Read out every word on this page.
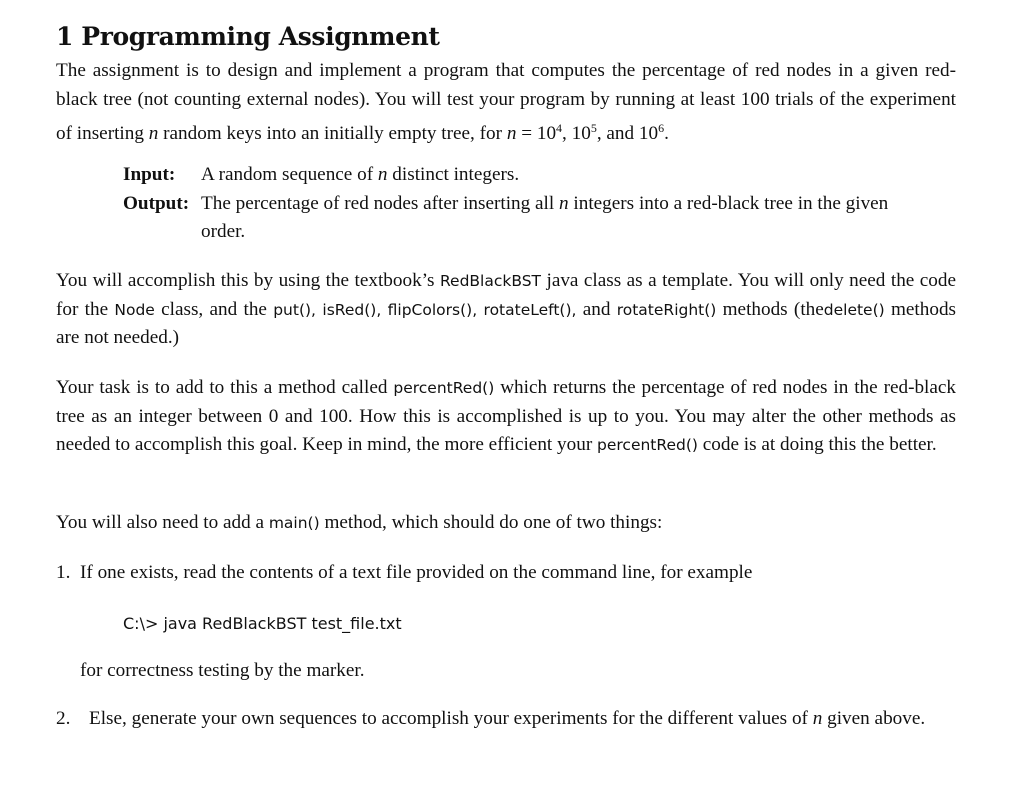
1 Programming Assignment

The assignment is to design and implement a program that computes the percentage of red nodes in a given red-black tree (not counting external nodes). You will test your program by running at least 100 trials of the experiment of inserting n random keys into an initially empty tree, for $n = 10^4$, $10^5$, and $10^6$.

Input: A random sequence of n distinct integers.
Output: The percentage of red nodes after inserting all n integers into a red-black tree in the given order.

You will accomplish this by using the textbook’s RedBlackBST java class as a template. You will only need the code for the Node class, and the put(), isRed(), flipColors(), rotateLeft(), and rotateRight() methods (thedelete() methods are not needed.)

Your task is to add to this a method called percentRed() which returns the percentage of red nodes in the red-black tree as an integer between 0 and 100. How this is accomplished is up to you. You may alter the other methods as needed to accomplish this goal. Keep in mind, the more efficient your percentRed() code is at doing this the better.

You will also need to add a main() method, which should do one of two things:

1. If one exists, read the contents of a text file provided on the command line, for example
C:\> java RedBlackBST test_file.txt
for correctness testing by the marker.
2. Else, generate your own sequences to accomplish your experiments for the different values of n given above.
